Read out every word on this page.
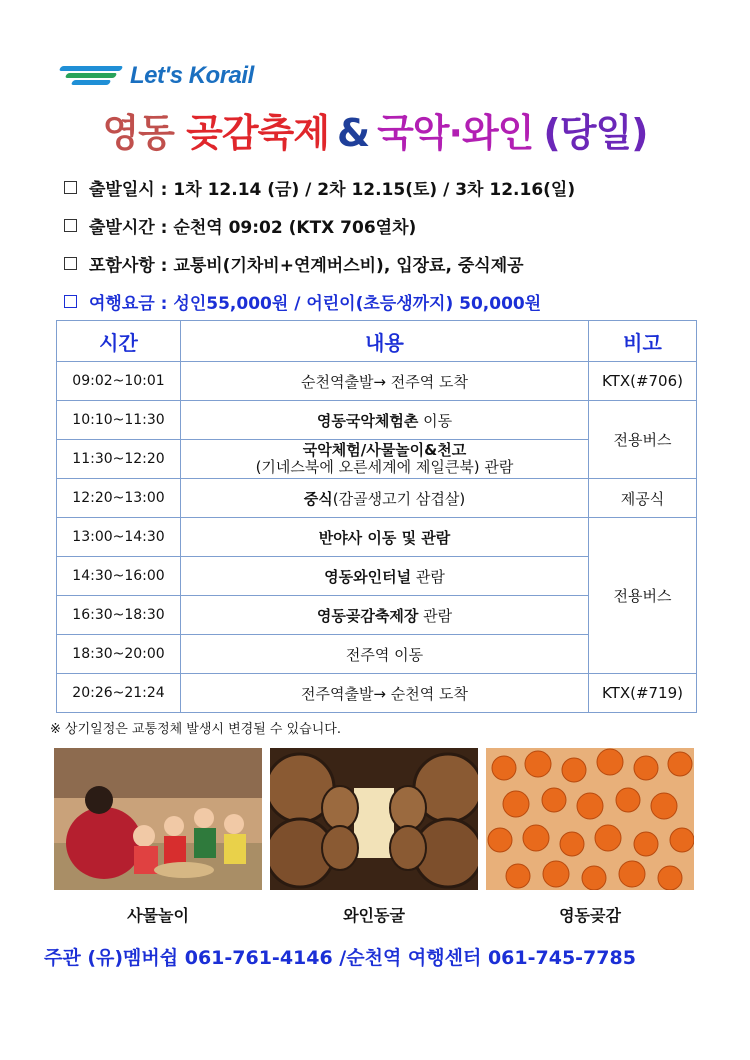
Let's Korail
영동 곶감축제 & 국악·와인 (당일)
출발일시 : 1차 12.14 (금) / 2차 12.15(토) / 3차 12.16(일)
출발시간 : 순천역 09:02 (KTX 706열차)
포함사항 : 교통비(기차비+연계버스비), 입장료, 중식제공
여행요금 : 성인55,000원 / 어린이(초등생까지) 50,000원
시간	내용	비고
09:02~10:01	순천역출발→ 전주역 도착	KTX(#706)
10:10~11:30	영동국악체험촌 이동	전용버스
11:30~12:20	국악체험/사물놀이&천고
(기네스북에 오른세계에 제일큰북) 관람	

12:20~13:00	중식(감골생고기 삼겹살)	제공식
13:00~14:30	반야사 이동 및 관람	전용버스
14:30~16:00	영동와인터널 관람	
16:30~18:30	영동곶감축제장 관람	
18:30~20:00	전주역 이동	
20:26~21:24	전주역출발→ 순천역 도착	KTX(#719)
※ 상기일정은 교통정체 발생시 변경될 수 있습니다.
사물놀이	와인동굴	영동곶감
주관 (유)멤버쉽 061-761-4146 /순천역 여행센터 061-745-7785
